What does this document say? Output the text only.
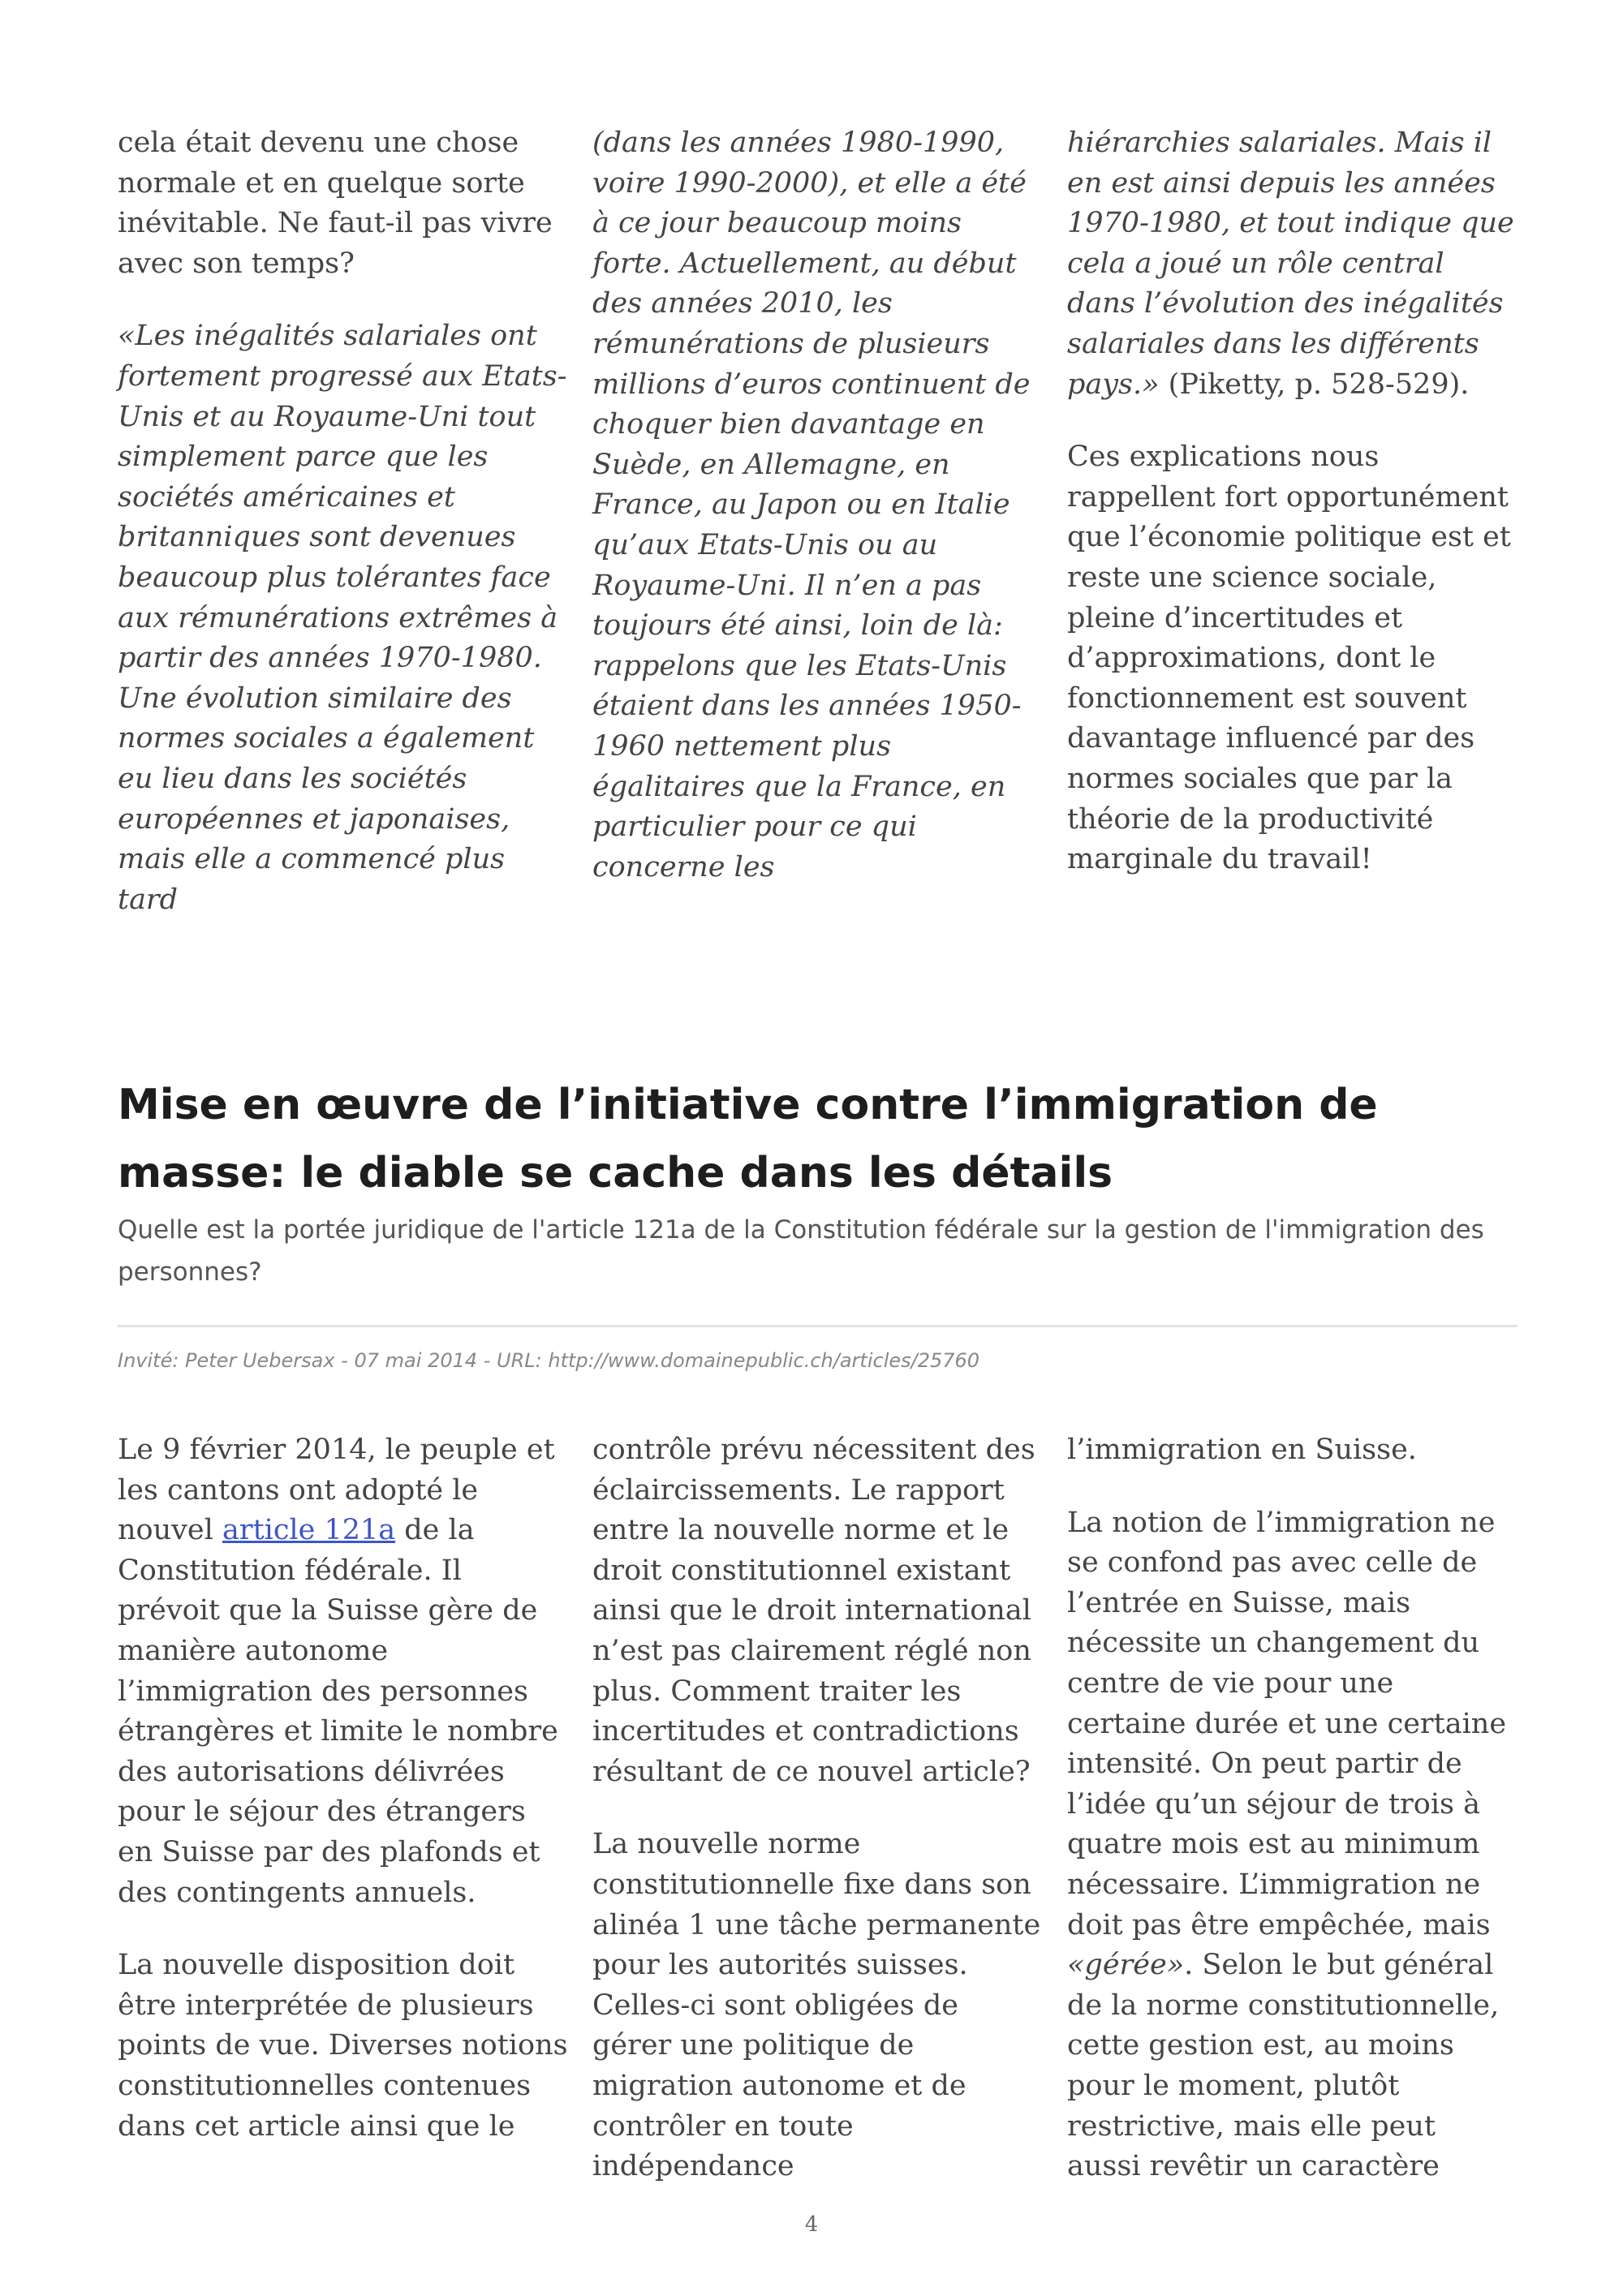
cela était devenu une chose normale et en quelque sorte inévitable. Ne faut-il pas vivre avec son temps?

«Les inégalités salariales ont fortement progressé aux Etats-Unis et au Royaume-Uni tout simplement parce que les sociétés américaines et britanniques sont devenues beaucoup plus tolérantes face aux rémunérations extrêmes à partir des années 1970-1980. Une évolution similaire des normes sociales a également eu lieu dans les sociétés européennes et japonaises, mais elle a commencé plus tard

(dans les années 1980-1990, voire 1990-2000), et elle a été à ce jour beaucoup moins forte. Actuellement, au début des années 2010, les rémunérations de plusieurs millions d’euros continuent de choquer bien davantage en Suède, en Allemagne, en France, au Japon ou en Italie qu’aux Etats-Unis ou au Royaume-Uni. Il n’en a pas toujours été ainsi, loin de là: rappelons que les Etats-Unis étaient dans les années 1950-1960 nettement plus égalitaires que la France, en particulier pour ce qui concerne les

hiérarchies salariales. Mais il en est ainsi depuis les années 1970-1980, et tout indique que cela a joué un rôle central dans l’évolution des inégalités salariales dans les différents pays.» (Piketty, p. 528-529).

Ces explications nous rappellent fort opportunément que l’économie politique est et reste une science sociale, pleine d’incertitudes et d’approximations, dont le fonctionnement est souvent davantage influencé par des normes sociales que par la théorie de la productivité marginale du travail!

Mise en œuvre de l’initiative contre l’immigration de masse: le diable se cache dans les détails

Quelle est la portée juridique de l'article 121a de la Constitution fédérale sur la gestion de l'immigration des personnes?

Invité: Peter Uebersax - 07 mai 2014 - URL: http://www.domainepublic.ch/articles/25760

Le 9 février 2014, le peuple et les cantons ont adopté le nouvel article 121a de la Constitution fédérale. Il prévoit que la Suisse gère de manière autonome l’immigration des personnes étrangères et limite le nombre des autorisations délivrées pour le séjour des étrangers en Suisse par des plafonds et des contingents annuels.

La nouvelle disposition doit être interprétée de plusieurs points de vue. Diverses notions constitutionnelles contenues dans cet article ainsi que le

contrôle prévu nécessitent des éclaircissements. Le rapport entre la nouvelle norme et le droit constitutionnel existant ainsi que le droit international n’est pas clairement réglé non plus. Comment traiter les incertitudes et contradictions résultant de ce nouvel article?

La nouvelle norme constitutionnelle fixe dans son alinéa 1 une tâche permanente pour les autorités suisses. Celles-ci sont obligées de gérer une politique de migration autonome et de contrôler en toute indépendance

l’immigration en Suisse.

La notion de l’immigration ne se confond pas avec celle de l’entrée en Suisse, mais nécessite un changement du centre de vie pour une certaine durée et une certaine intensité. On peut partir de l’idée qu’un séjour de trois à quatre mois est au minimum nécessaire. L’immigration ne doit pas être empêchée, mais «gérée». Selon le but général de la norme constitutionnelle, cette gestion est, au moins pour le moment, plutôt restrictive, mais elle peut aussi revêtir un caractère

4
